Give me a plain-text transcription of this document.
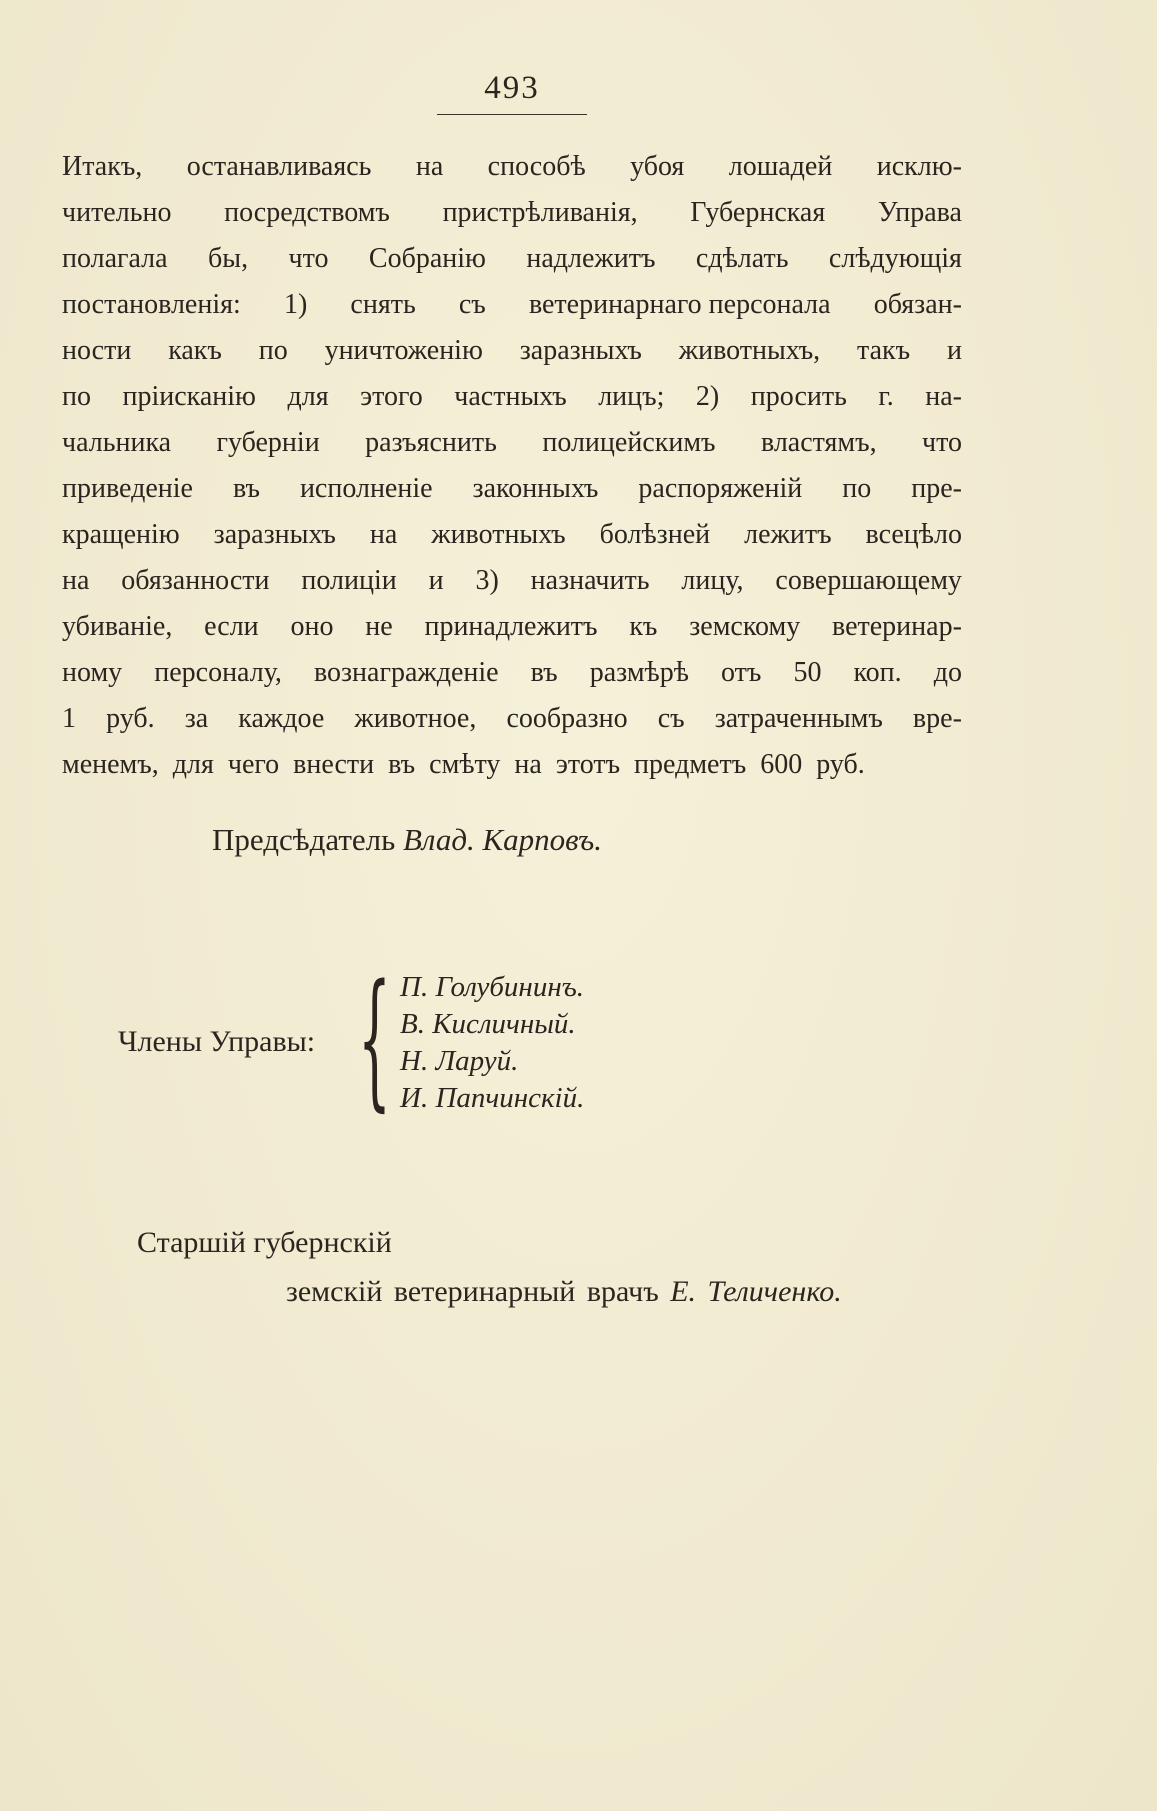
493
Итакъ, останавливаясь на способѣ убоя лошадей исклю-
чительно посредствомъ пристрѣливанія, Губернская Управа
полагала бы, что Собранію надлежитъ сдѣлать слѣдующія
постановленія: 1) снять съ ветеринарнаго персонала обязан-
ности какъ по уничтоженію заразныхъ животныхъ, такъ и
по пріисканію для этого частныхъ лицъ; 2) просить г. на-
чальника губерніи разъяснить полицейскимъ властямъ, что
приведеніе въ исполненіе законныхъ распоряженій по пре-
кращенію заразныхъ на животныхъ болѣзней лежитъ всецѣло
на обязанности полиціи и 3) назначить лицу, совершающему
убиваніе, если оно не принадлежитъ къ земскому ветеринар-
ному персоналу, вознагражденіе въ размѣрѣ отъ 50 коп. до
1 руб. за каждое животное, сообразно съ затраченнымъ вре-
менемъ, для чего внести въ смѣту на этотъ предметъ 600 руб.
Предсѣдатель Влад. Карповъ.
Члены Управы: { П. Голубининъ.
В. Кисличный.
Н. Ларуй.
И. Папчинскій.
Старшій губернскій
земскій ветеринарный врачъ Е. Теличенко.
